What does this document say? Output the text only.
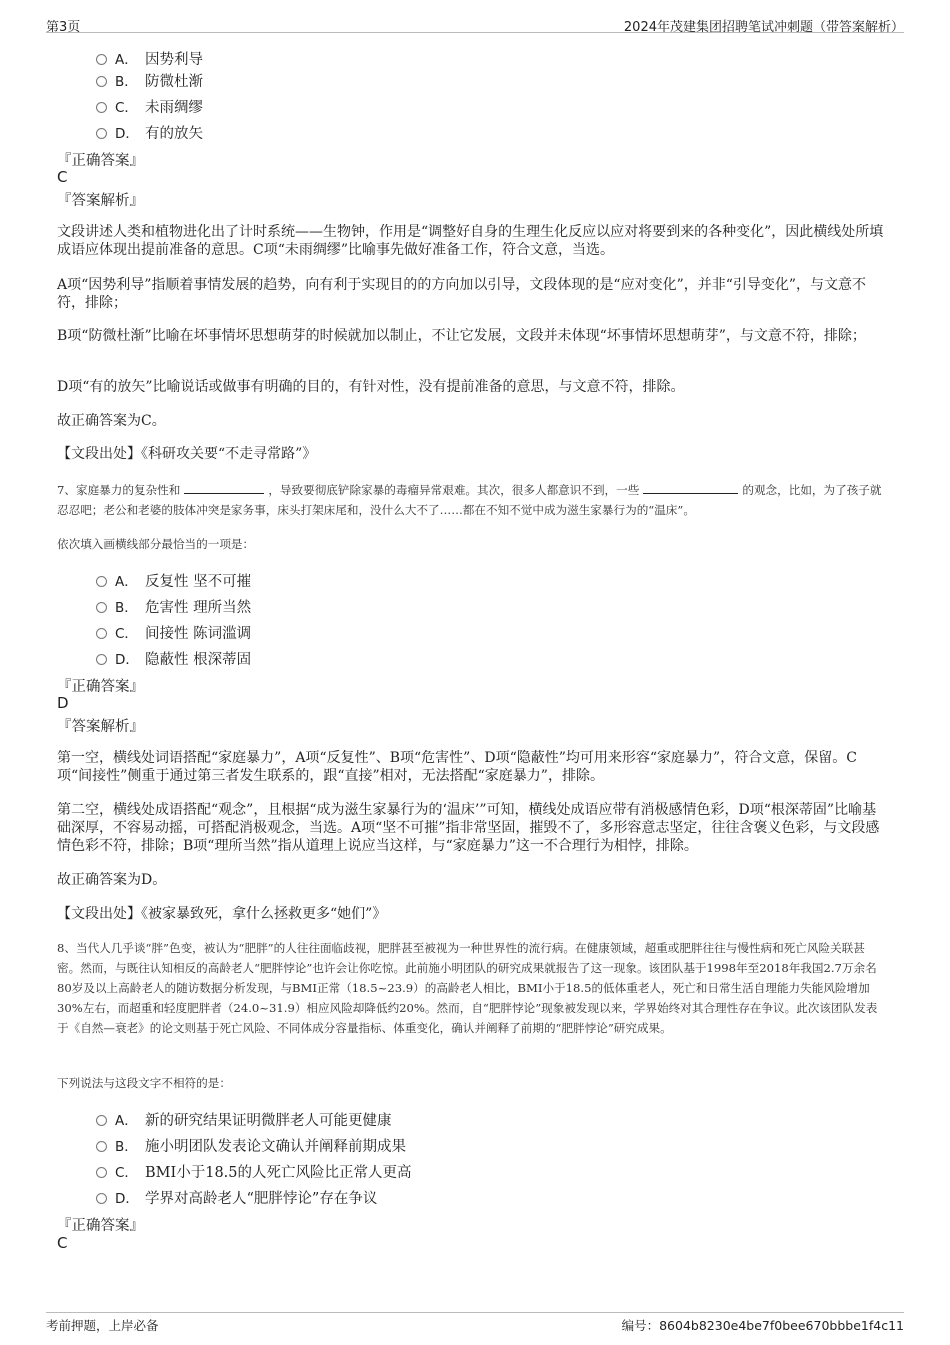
第3页	2024年茂建集团招聘笔试冲刺题（带答案解析）
A． 因势利导
B． 防微杜渐
C． 未雨绸缪
D． 有的放矢
『正确答案』
C
『答案解析』
文段讲述人类和植物进化出了计时系统——生物钟，作用是“调整好自身的生理生化反应以应对将要到来的各种变化”，因此横线处所填成语应体现出提前准备的意思。C项“未雨绸缪”比喻事先做好准备工作，符合文意，当选。
A项“因势利导”指顺着事情发展的趋势，向有利于实现目的的方向加以引导，文段体现的是“应对变化”，并非“引导变化”，与文意不符，排除；
B项“防微杜渐”比喻在坏事情坏思想萌芽的时候就加以制止，不让它发展，文段并未体现“坏事情坏思想萌芽”，与文意不符，排除；
D项“有的放矢”比喻说话或做事有明确的目的，有针对性，没有提前准备的意思，与文意不符，排除。
故正确答案为C。
【文段出处】《科研攻关要“不走寻常路”》
7、家庭暴力的复杂性和	，导致要彻底铲除家暴的毒瘤异常艰难。其次，很多人都意识不到，一些	的观念，比如，为了孩子就忍忍吧；老公和老婆的肢体冲突是家务事，床头打架床尾和，没什么大不了……都在不知不觉中成为滋生家暴行为的“温床”。
依次填入画横线部分最恰当的一项是：
A． 反复性 坚不可摧
B． 危害性 理所当然
C． 间接性 陈词滥调
D． 隐蔽性 根深蒂固
『正确答案』
D
『答案解析』
第一空，横线处词语搭配“家庭暴力”，A项“反复性”、B项“危害性”、D项“隐蔽性”均可用来形容“家庭暴力”，符合文意，保留。C项“间接性”侧重于通过第三者发生联系的，跟“直接”相对，无法搭配“家庭暴力”，排除。
第二空，横线处成语搭配“观念”，且根据“成为滋生家暴行为的‘温床’”可知，横线处成语应带有消极感情色彩，D项“根深蒂固”比喻基础深厚，不容易动摇，可搭配消极观念，当选。A项“坚不可摧”指非常坚固，摧毁不了，多形容意志坚定，往往含褒义色彩，与文段感情色彩不符，排除；B项“理所当然”指从道理上说应当这样，与“家庭暴力”这一不合理行为相悖，排除。
故正确答案为D。
【文段出处】《被家暴致死，拿什么拯救更多“她们”》
8、当代人几乎谈“胖”色变，被认为“肥胖”的人往往面临歧视，肥胖甚至被视为一种世界性的流行病。在健康领域，超重或肥胖往往与慢性病和死亡风险关联甚密。然而，与既往认知相反的高龄老人“肥胖悖论”也许会让你吃惊。此前施小明团队的研究成果就报告了这一现象。该团队基于1998年至2018年我国2.7万余名80岁及以上高龄老人的随访数据分析发现，与BMI正常（18.5~23.9）的高龄老人相比，BMI小于18.5的低体重老人，死亡和日常生活自理能力失能风险增加30%左右，而超重和轻度肥胖者（24.0~31.9）相应风险却降低约20%。然而，自“肥胖悖论”现象被发现以来，学界始终对其合理性存在争议。此次该团队发表于《自然—衰老》的论文则基于死亡风险、不同体成分容量指标、体重变化，确认并阐释了前期的“肥胖悖论”研究成果。
下列说法与这段文字不相符的是：
A． 新的研究结果证明微胖老人可能更健康
B． 施小明团队发表论文确认并阐释前期成果
C． BMI小于18.5的人死亡风险比正常人更高
D． 学界对高龄老人“肥胖悖论”存在争议
『正确答案』
C
考前押题，上岸必备	编号：8604b8230e4be7f0bee670bbbe1f4c11
